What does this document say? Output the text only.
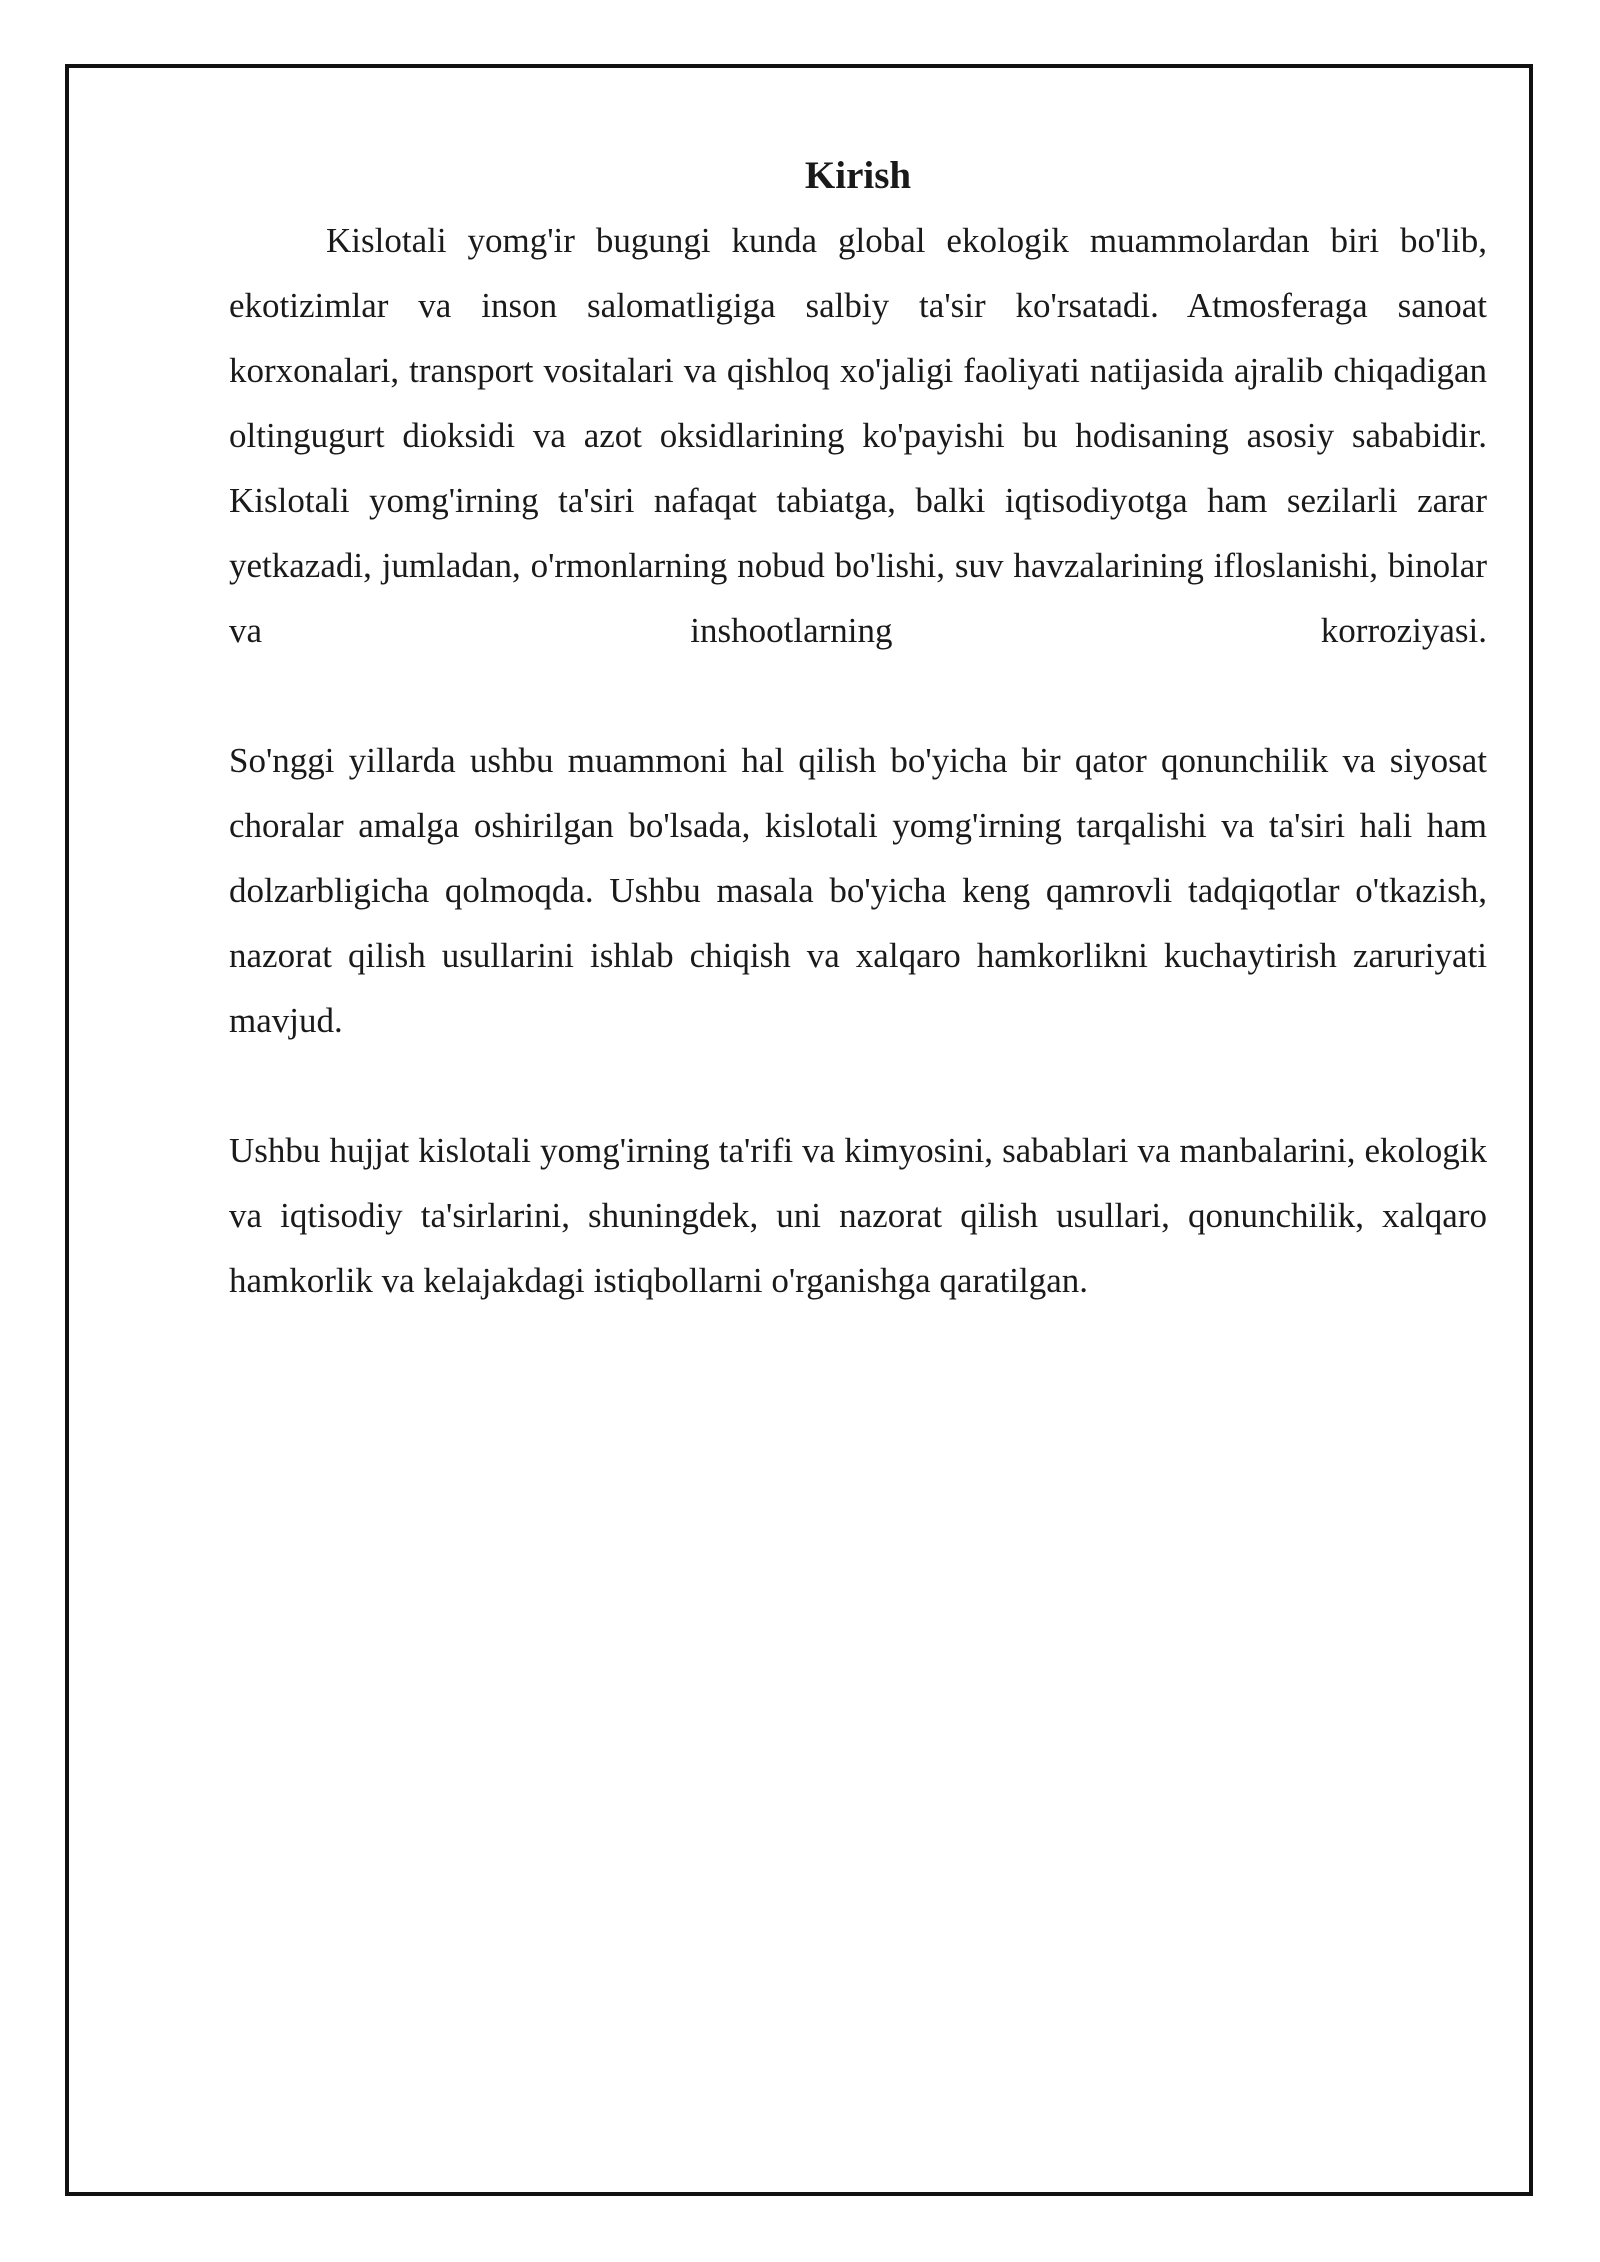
Kirish

Kislotali yomg'ir bugungi kunda global ekologik muammolardan biri bo'lib, ekotizimlar va inson salomatligiga salbiy ta'sir ko'rsatadi. Atmosferaga sanoat korxonalari, transport vositalari va qishloq xo'jaligi faoliyati natijasida ajralib chiqadigan oltingugurt dioksidi va azot oksidlarining ko'payishi bu hodisaning asosiy sababidir. Kislotali yomg'irning ta'siri nafaqat tabiatga, balki iqtisodiyotga ham sezilarli zarar yetkazadi, jumladan, o'rmonlarning nobud bo'lishi, suv havzalarining ifloslanishi, binolar va inshootlarning korroziyasi.

So'nggi yillarda ushbu muammoni hal qilish bo'yicha bir qator qonunchilik va siyosat choralar amalga oshirilgan bo'lsada, kislotali yomg'irning tarqalishi va ta'siri hali ham dolzarbligicha qolmoqda. Ushbu masala bo'yicha keng qamrovli tadqiqotlar o'tkazish, nazorat qilish usullarini ishlab chiqish va xalqaro hamkorlikni kuchaytirish zaruriyati mavjud.

Ushbu hujjat kislotali yomg'irning ta'rifi va kimyosini, sabablari va manbalarini, ekologik va iqtisodiy ta'sirlarini, shuningdek, uni nazorat qilish usullari, qonunchilik, xalqaro hamkorlik va kelajakdagi istiqbollarni o'rganishga qaratilgan.
